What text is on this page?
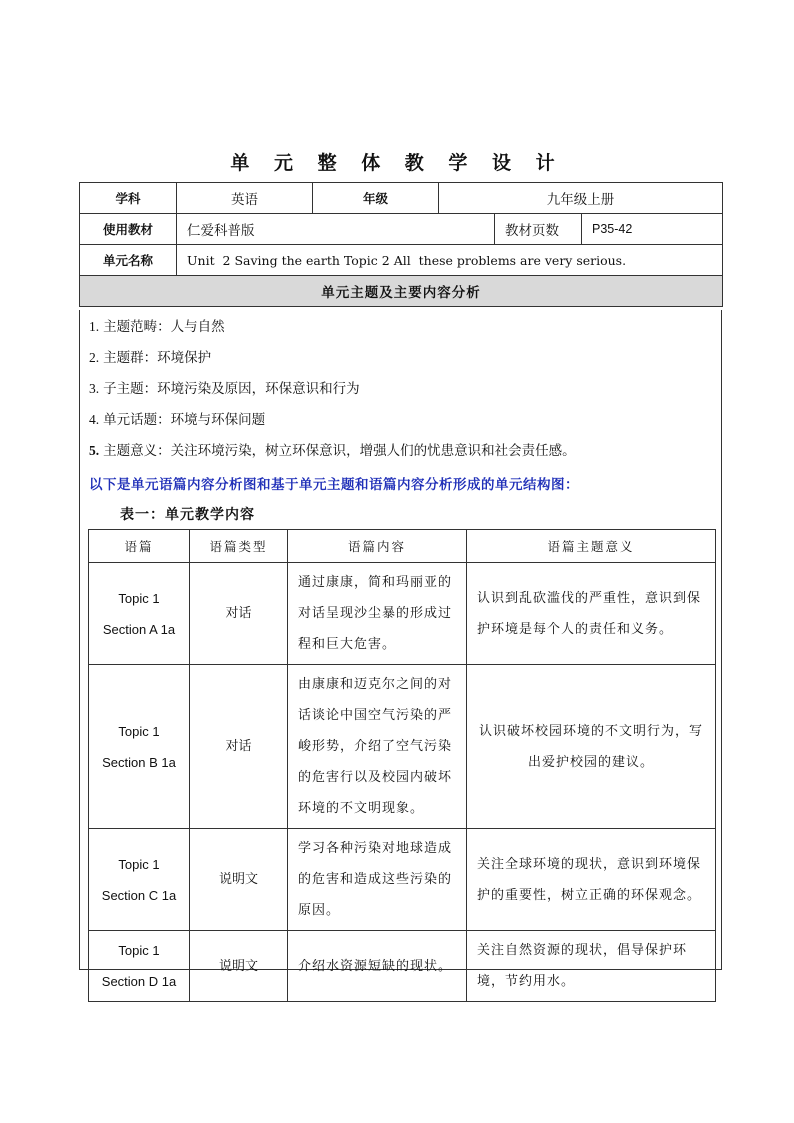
单 元 整 体 教 学 设 计
学科	英语	年级	九年级上册		
使用教材	仁爱科普版			教材页数	P35-42
单元名称	Unit  2 Saving the earth Topic 2 All  these problems are very serious.				
单元主题及主要内容分析					
1. 主题范畴：人与自然
2. 主题群：环境保护
3. 子主题：环境污染及原因，环保意识和行为
4. 单元话题：环境与环保问题
5. 主题意义：关注环境污染，树立环保意识，增强人们的忧患意识和社会责任感。
以下是单元语篇内容分析图和基于单元主题和语篇内容分析形成的单元结构图：
表一：单元教学内容
语篇	语篇类型	语篇内容	语篇主题意义

Topic 1
Section A 1a	对话	通过康康，简和玛丽亚的对话呈现沙尘暴的形成过程和巨大危害。	认识到乱砍滥伐的严重性，意识到保护环境是每个人的责任和义务。

Topic 1
Section B 1a	对话	由康康和迈克尔之间的对话谈论中国空气污染的严峻形势，介绍了空气污染的危害行以及校园内破坏环境的不文明现象。	认识破坏校园环境的不文明行为，写出爱护校园的建议。

Topic 1
Section C 1a	说明文	学习各种污染对地球造成的危害和造成这些污染的原因。	关注全球环境的现状，意识到环境保护的重要性，树立正确的环保观念。

Topic 1
Section D 1a	说明文	介绍水资源短缺的现状。	关注自然资源的现状，倡导保护环境，节约用水。
